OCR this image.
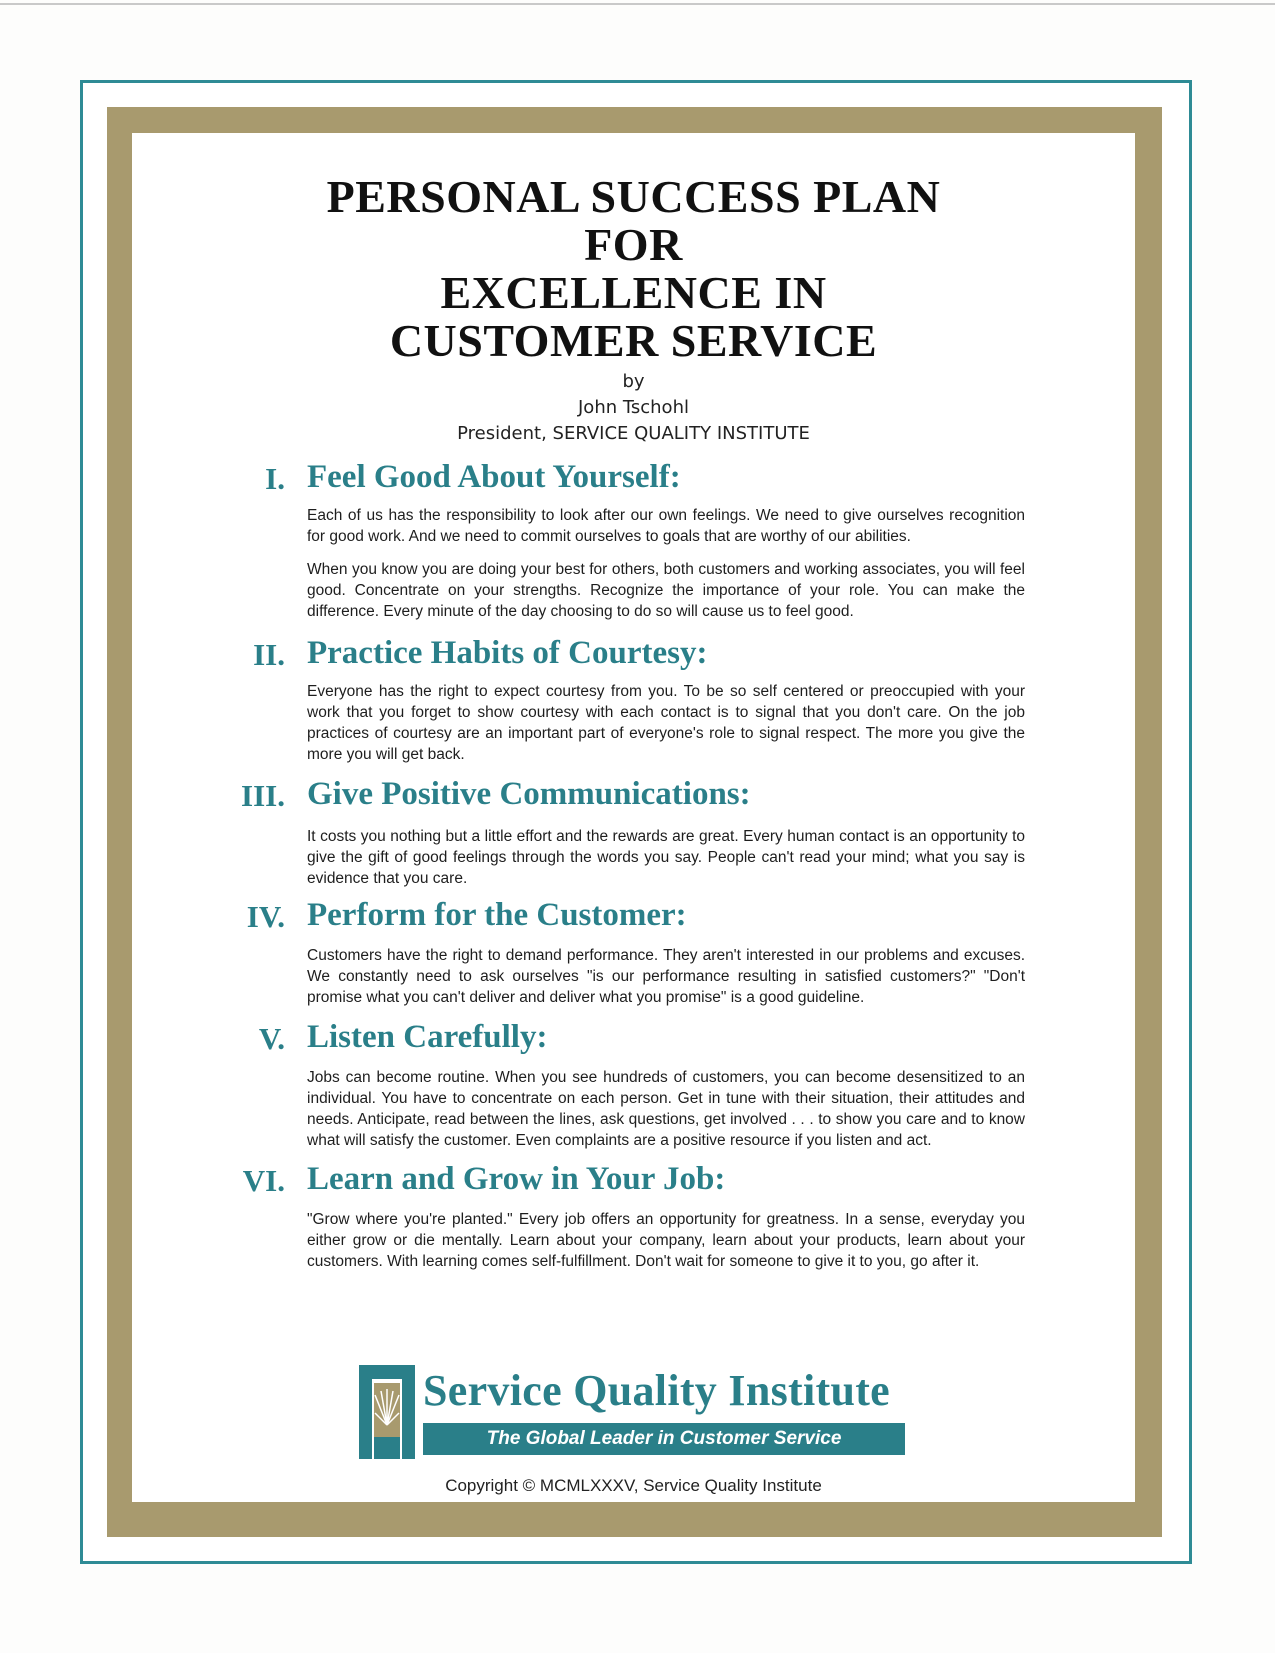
PERSONAL SUCCESS PLAN
FOR
EXCELLENCE IN
CUSTOMER SERVICE
by
John Tschohl
President, SERVICE QUALITY INSTITUTE
I. Feel Good About Yourself:

Each of us has the responsibility to look after our own feelings. We need to give ourselves recognition for good work. And we need to commit ourselves to goals that are worthy of our abilities.

When you know you are doing your best for others, both customers and working associates, you will feel good. Concentrate on your strengths. Recognize the importance of your role. You can make the difference. Every minute of the day choosing to do so will cause us to feel good.

II. Practice Habits of Courtesy:

Everyone has the right to expect courtesy from you. To be so self centered or preoccupied with your work that you forget to show courtesy with each contact is to signal that you don't care. On the job practices of courtesy are an important part of everyone's role to signal respect. The more you give the more you will get back.

III. Give Positive Communications:

It costs you nothing but a little effort and the rewards are great. Every human contact is an opportunity to give the gift of good feelings through the words you say. People can't read your mind; what you say is evidence that you care.

IV. Perform for the Customer:

Customers have the right to demand performance. They aren't interested in our problems and excuses. We constantly need to ask ourselves "is our performance resulting in satisfied customers?" "Don't promise what you can't deliver and deliver what you promise" is a good guideline.

V. Listen Carefully:

Jobs can become routine. When you see hundreds of customers, you can become desensitized to an individual. You have to concentrate on each person. Get in tune with their situation, their attitudes and needs. Anticipate, read between the lines, ask questions, get involved . . . to show you care and to know what will satisfy the customer. Even complaints are a positive resource if you listen and act.

VI. Learn and Grow in Your Job:

"Grow where you're planted." Every job offers an opportunity for greatness. In a sense, everyday you either grow or die mentally. Learn about your company, learn about your products, learn about your customers. With learning comes self-fulfillment. Don't wait for someone to give it to you, go after it.

Service Quality Institute
The Global Leader in Customer Service
Copyright © MCMLXXXV, Service Quality Institute
